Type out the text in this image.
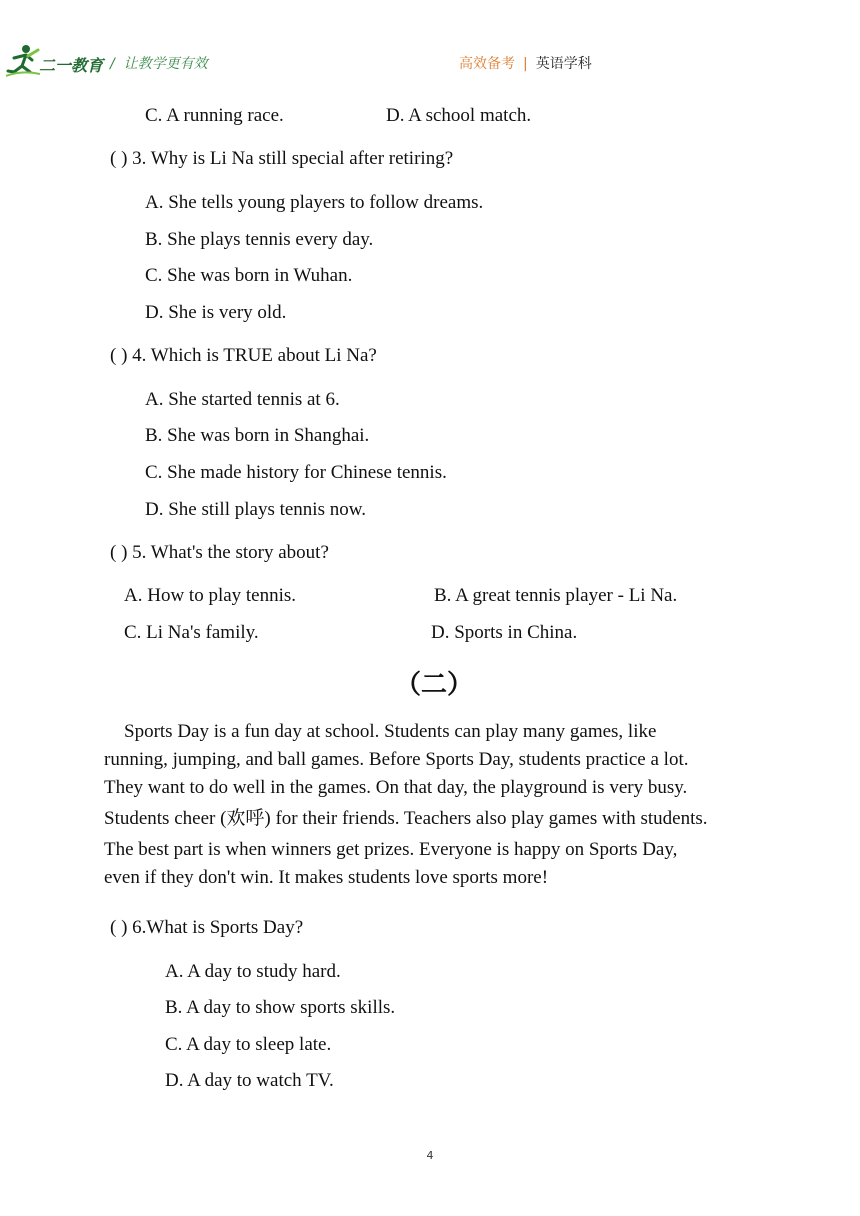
二一教育 /  让教学更有效	高效备考 | 英语学科
C. A running race.	D. A school match.
( ) 3. Why is Li Na still special after retiring?
A. She tells young players to follow dreams.
B. She plays tennis every day.
C. She was born in Wuhan.
D. She is very old.
( ) 4. Which is TRUE about Li Na?
A. She started tennis at 6.
B. She was born in Shanghai.
C. She made history for Chinese tennis.
D. She still plays tennis now.
( ) 5. What's the story about?
A. How to play tennis.	B. A great tennis player - Li Na.
C. Li Na's family.	D. Sports in China.
（二）
Sports Day is a fun day at school. Students can play many games, like
running, jumping, and ball games. Before Sports Day, students practice a lot.
They want to do well in the games. On that day, the playground is very busy.
Students cheer (欢呼) for their friends. Teachers also play games with students.
The best part is when winners get prizes. Everyone is happy on Sports Day,
even if they don't win. It makes students love sports more!
( ) 6.What is Sports Day?
A. A day to study hard.
B. A day to show sports skills.
C. A day to sleep late.
D. A day to watch TV.
4
